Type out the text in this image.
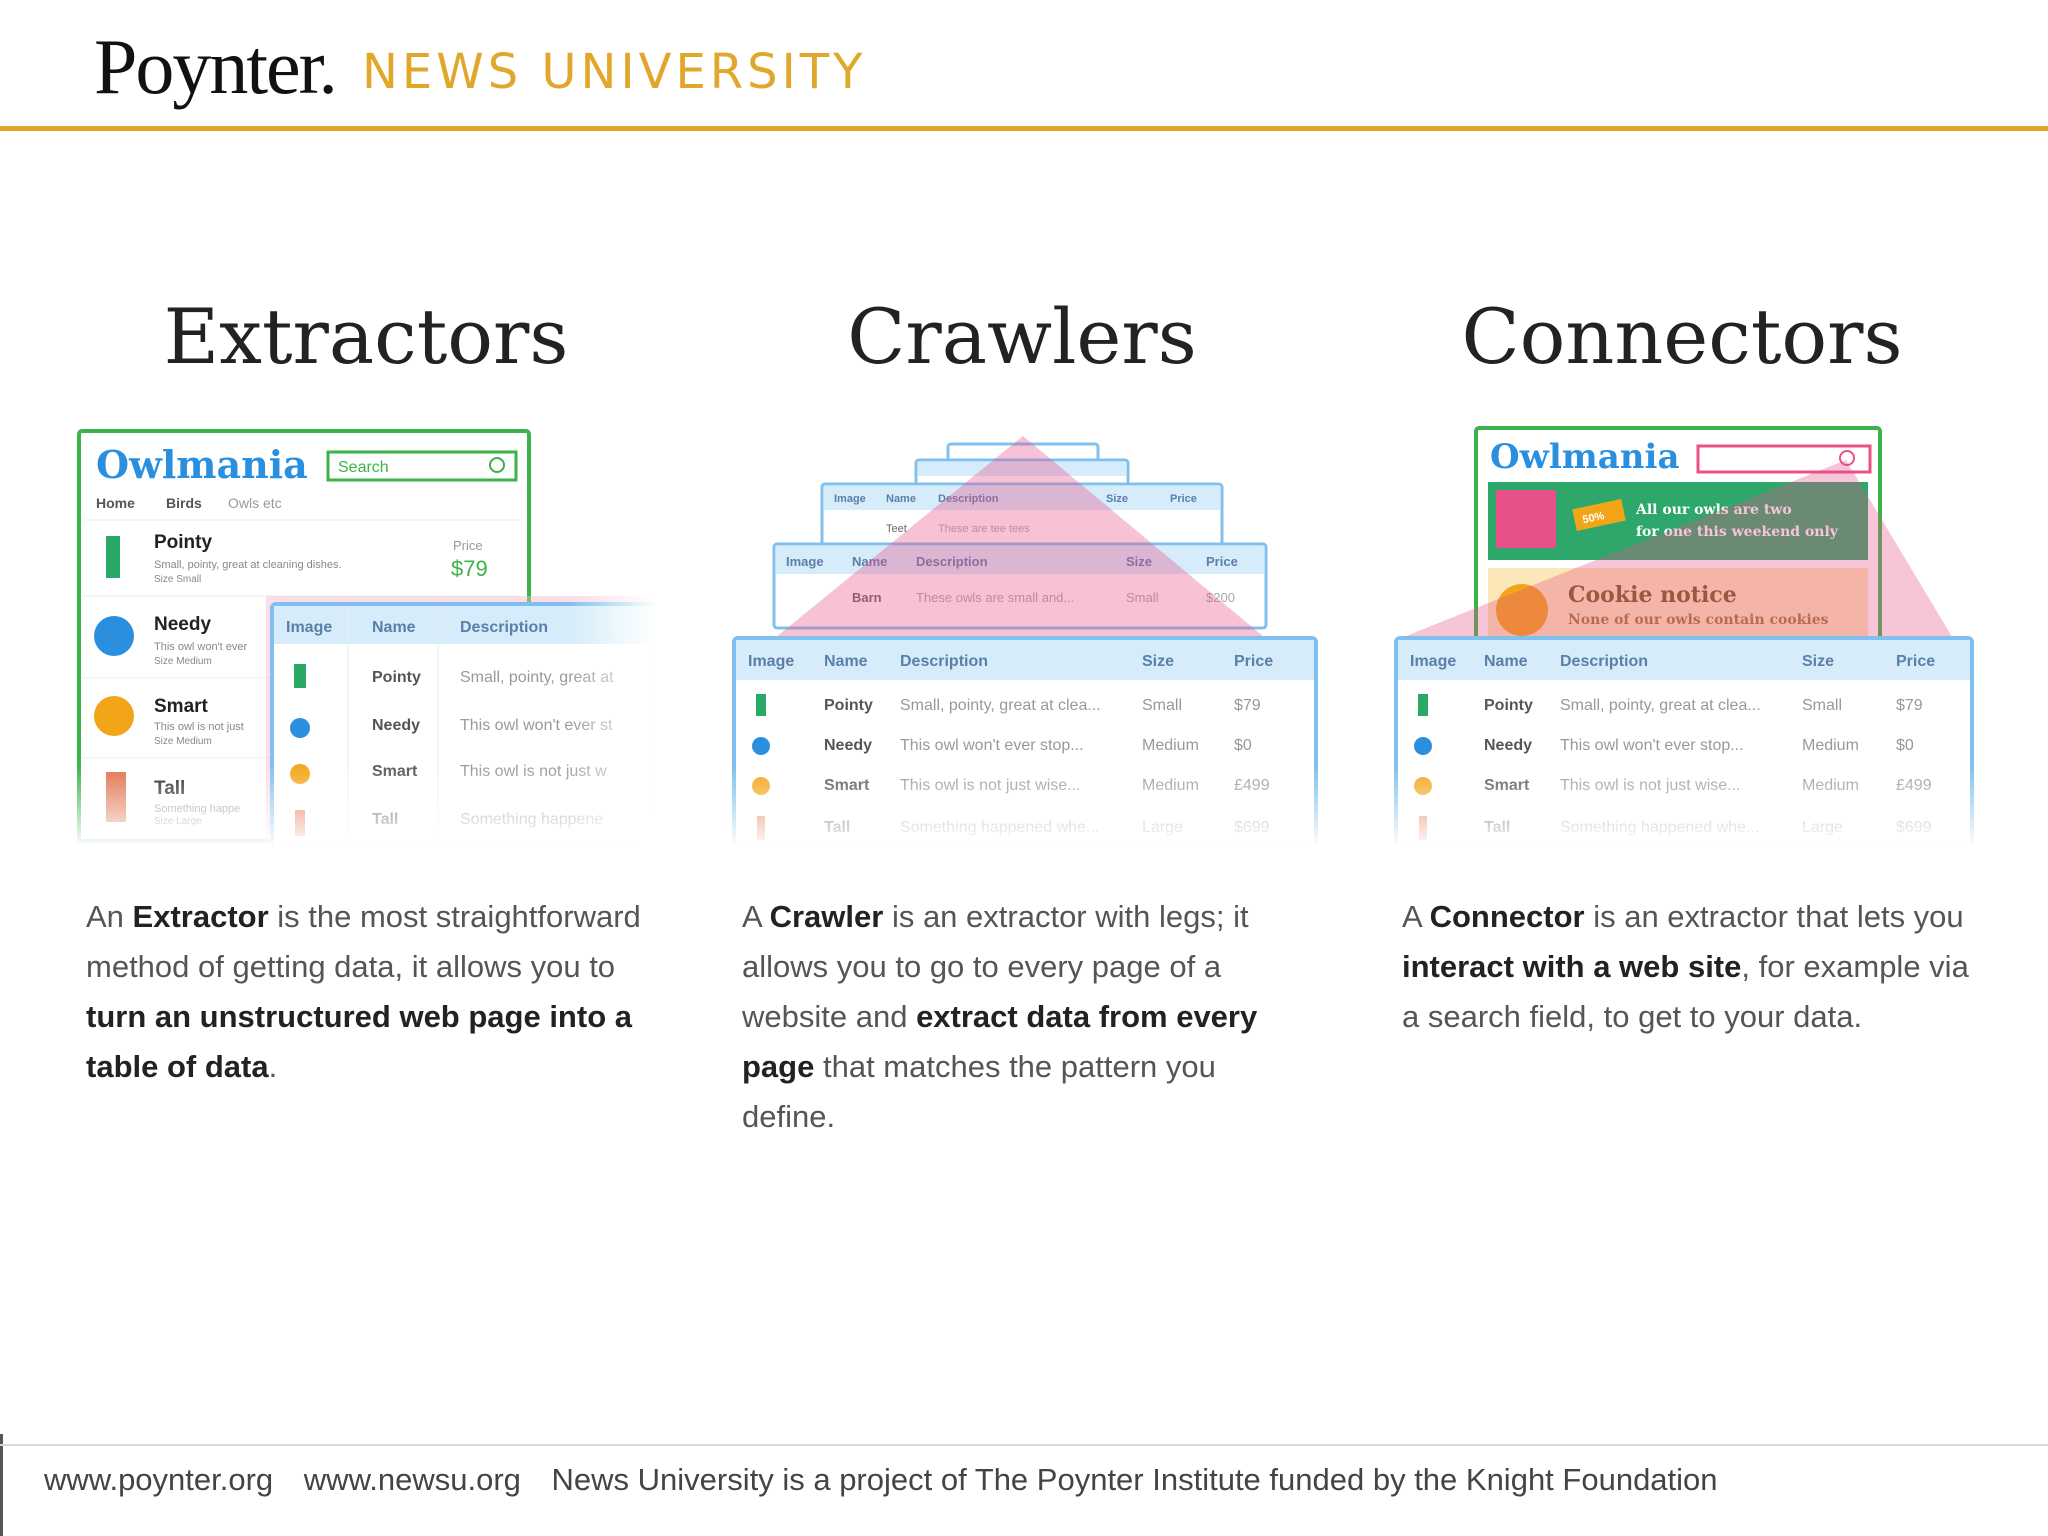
Poynter. NEWS UNIVERSITY
Extractors	Crawlers	Connectors
An Extractor is the most straightforward method of getting data, it allows you to turn an unstructured web page into a table of data.
A Crawler is an extractor with legs; it allows you to go to every page of a website and extract data from every page that matches the pattern you define.
A Connector is an extractor that lets you interact with a web site, for example via a search field, to get to your data.
www.poynter.org www.newsu.org News University is a project of The Poynter Institute funded by the Knight Foundation
